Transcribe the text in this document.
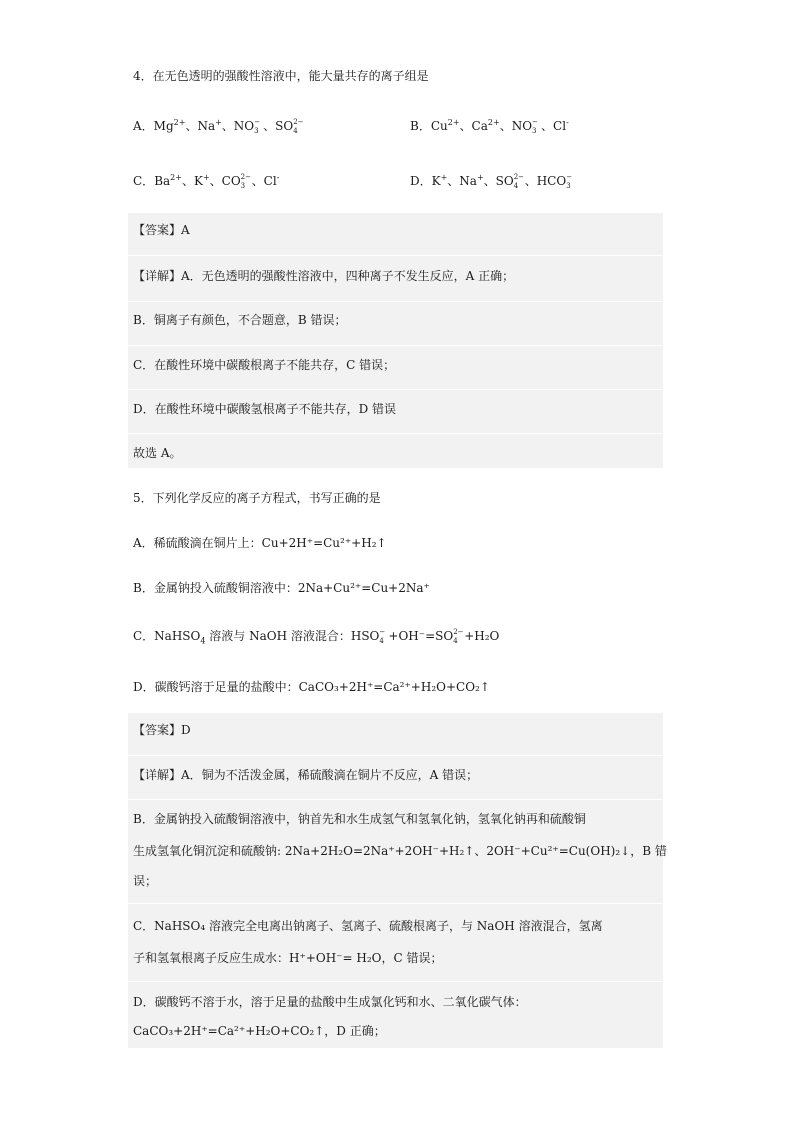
4．在无色透明的强酸性溶液中，能大量共存的离子组是
A．$Mg^{2+}$、Na+、NO −
3 、SO 2−
4	B．$Cu^{2+}$、$Ca^{2+}$、NO −
3 、Cl-
C．$Ba^{2+}$、K+、CO 2−
3 、Cl-	D．K+、Na+、SO 2−
4 、HCO −
3
【答案】A
【详解】A．无色透明的强酸性溶液中，四种离子不发生反应，A 正确；
B．铜离子有颜色，不合题意，B 错误；
C．在酸性环境中碳酸根离子不能共存，C 错误；
D．在酸性环境中碳酸氢根离子不能共存，D 错误
故选 A。
5．下列化学反应的离子方程式，书写正确的是
A．稀硫酸滴在铜片上：Cu+2H⁺=Cu²⁺+H₂↑
B．金属钠投入硫酸铜溶液中：2Na+Cu²⁺=Cu+2Na⁺
C．NaHSO$_4$ 溶液与 NaOH 溶液混合：HSO −
4 +OH⁻=SO 2−
4 +H₂O
D．碳酸钙溶于足量的盐酸中：CaCO₃+2H⁺=Ca²⁺+H₂O+CO₂↑
【答案】D
【详解】A．铜为不活泼金属，稀硫酸滴在铜片不反应，A 错误；
B．金属钠投入硫酸铜溶液中，钠首先和水生成氢气和氢氧化钠，氢氧化钠再和硫酸铜
生成氢氧化铜沉淀和硫酸钠: 2Na+2H₂O=2Na⁺+2OH⁻+H₂↑、2OH⁻+Cu²⁺=Cu(OH)₂↓，B 错
误；
C．NaHSO₄ 溶液完全电离出钠离子、氢离子、硫酸根离子，与 NaOH 溶液混合，氢离
子和氢氧根离子反应生成水：H⁺+OH⁻= H₂O，C 错误；
D．碳酸钙不溶于水，溶于足量的盐酸中生成氯化钙和水、二氧化碳气体：
CaCO₃+2H⁺=Ca²⁺+H₂O+CO₂↑，D 正确；
